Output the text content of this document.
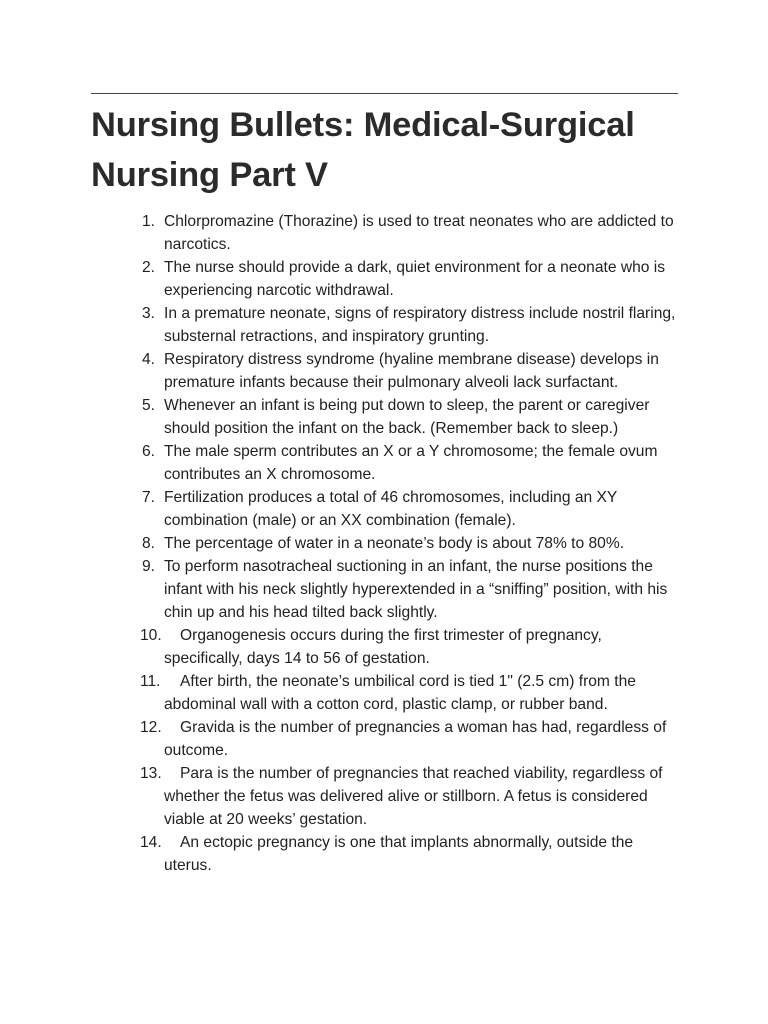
Nursing Bullets: Medical-Surgical Nursing Part V
1. Chlorpromazine (Thorazine) is used to treat neonates who are addicted to narcotics.
2. The nurse should provide a dark, quiet environment for a neonate who is experiencing narcotic withdrawal.
3. In a premature neonate, signs of respiratory distress include nostril flaring, substernal retractions, and inspiratory grunting.
4. Respiratory distress syndrome (hyaline membrane disease) develops in premature infants because their pulmonary alveoli lack surfactant.
5. Whenever an infant is being put down to sleep, the parent or caregiver should position the infant on the back. (Remember back to sleep.)
6. The male sperm contributes an X or a Y chromosome; the female ovum contributes an X chromosome.
7. Fertilization produces a total of 46 chromosomes, including an XY combination (male) or an XX combination (female).
8. The percentage of water in a neonate’s body is about 78% to 80%.
9. To perform nasotracheal suctioning in an infant, the nurse positions the infant with his neck slightly hyperextended in a “sniffing” position, with his chin up and his head tilted back slightly.
10. Organogenesis occurs during the first trimester of pregnancy, specifically, days 14 to 56 of gestation.
11. After birth, the neonate’s umbilical cord is tied 1" (2.5 cm) from the abdominal wall with a cotton cord, plastic clamp, or rubber band.
12. Gravida is the number of pregnancies a woman has had, regardless of outcome.
13. Para is the number of pregnancies that reached viability, regardless of whether the fetus was delivered alive or stillborn. A fetus is considered viable at 20 weeks’ gestation.
14. An ectopic pregnancy is one that implants abnormally, outside the uterus.
